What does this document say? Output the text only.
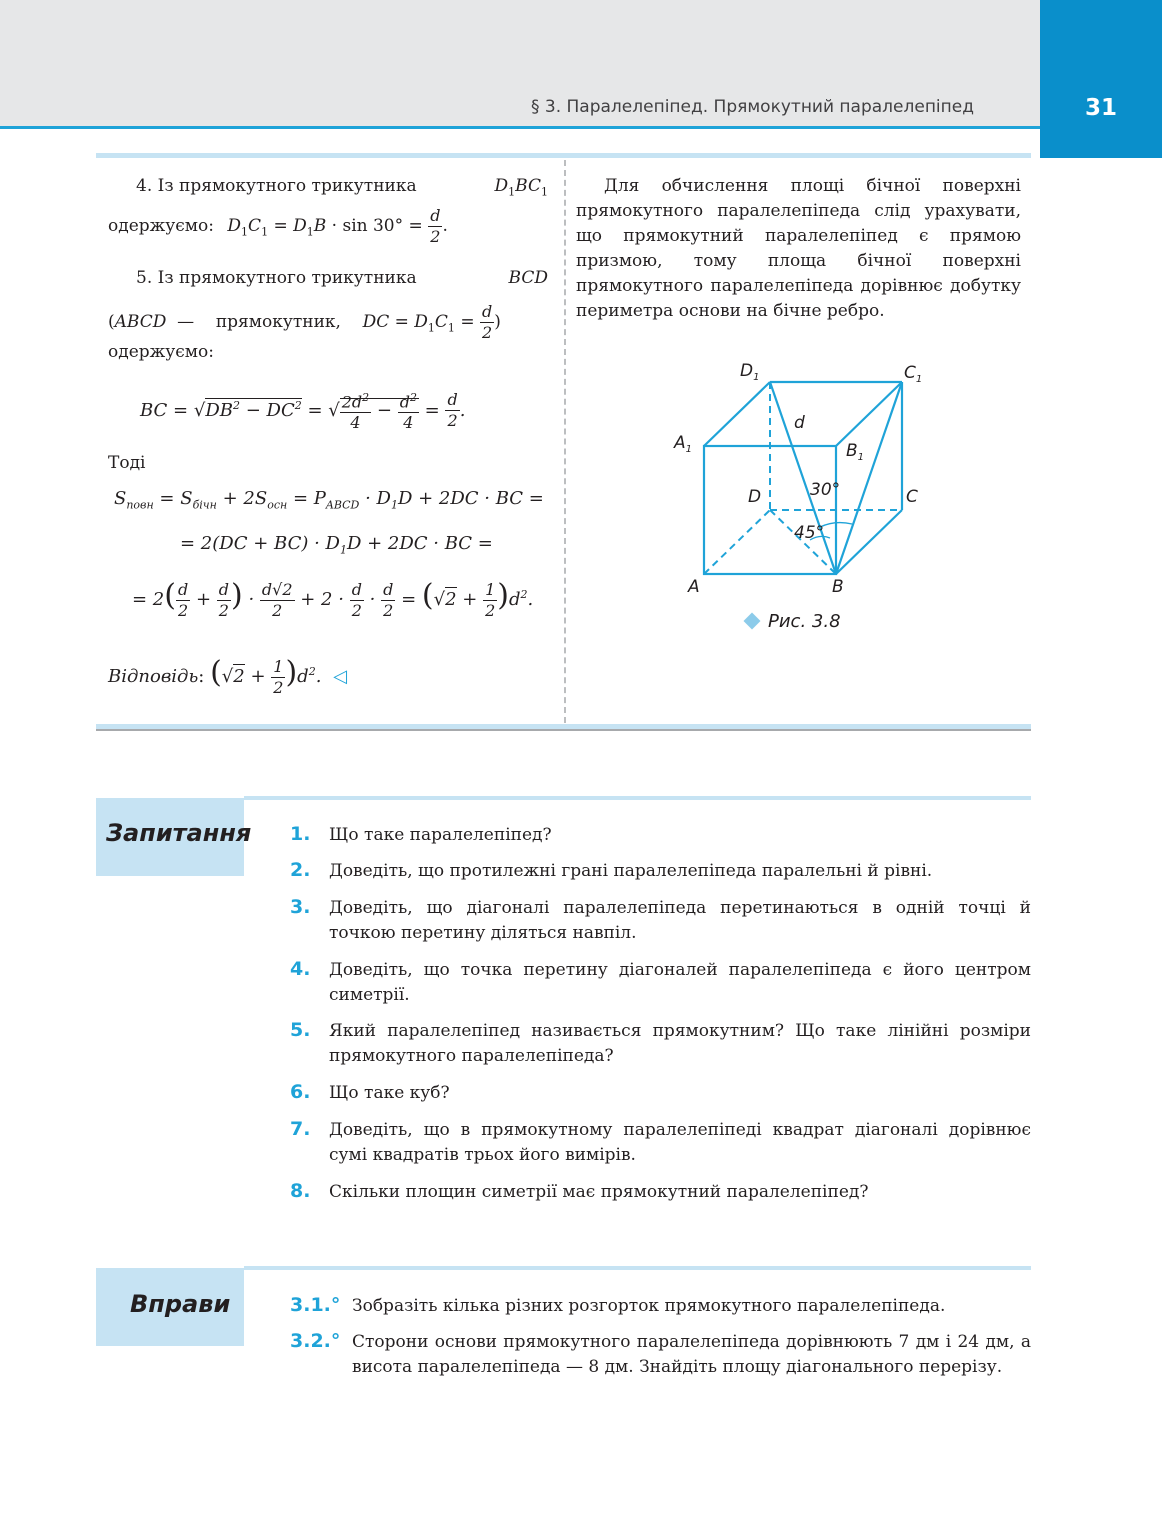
§ 3. Паралелепіпед. Прямокутний паралелепіпед	31
4. Із прямокутного трикутника	$D_1BC_1$
одержуємо: $D_1C_1 = D_1B \cdot \sin 30^\circ = \frac{d}{2}$ .
5. Із прямокутного трикутника	BCD
(ABCD  —    прямокутник, DC = $D_1C_1 = \frac{d}{2}$ )
одержуємо:
BC = $√DB^2 - DC^2$ = √ $\frac{2d^2}{4} - \frac{d^2}{4} = \frac{d}{2}$ .
Тоді
$S_{повн} = S_{бічн} + 2S_{осн} = P_{ABCD} \cdot D_1D + 2DC$ · BC =
= $2(DC + BC) \cdot D_1D + 2DC$ · BC =
= $2( \frac{d}{2} + \frac{d}{2}$ ) · $\frac{d√2}{2} + 2 \cdot \frac{d}{2} \cdot \frac{d}{2} = (√2 + \frac{1}{2} )d^2$.
Відповідь: $(√2 + \frac{1}{2} )d^2$. ◁
Для обчислення площі бічної поверхні прямокутного паралелепіпеда слід урахувати, що прямокутний паралелепіпед є прямою призмою, тому площа бічної поверхні прямокутного паралелепіпеда дорівнює добутку периметра основи на бічне ребро.
$D_1$	$C_1$
$A_1$	$B_1$
D	C
A	B
d
30°
45°
Рис. 3.8
Запитання 1.	Що таке паралелепіпед?
2.	Доведіть, що протилежні грані паралелепіпеда паралельні й рівні.
3.	Доведіть, що діагоналі паралелепіпеда перетинаються в одній точці й точкою перетину діляться навпіл.
4.	Доведіть, що точка перетину діагоналей паралелепіпеда є його центром симетрії.
5.	Який паралелепіпед називається прямокутним? Що таке лінійні розміри прямокутного паралелепіпеда?
6.	Що таке куб?
7.	Доведіть, що в прямокутному паралелепіпеді квадрат діагоналі дорівнює сумі квадратів трьох його вимірів.
8.	Скільки площин симетрії має прямокутний паралелепіпед?
Вправи	3.1.° Зобразіть кілька різних розгорток прямокутного паралелепіпеда.
3.2.° Сторони основи прямокутного паралелепіпеда дорівнюють 7 дм і 24 дм, а висота паралелепіпеда — 8 дм. Знайдіть площу діагонального перерізу.
